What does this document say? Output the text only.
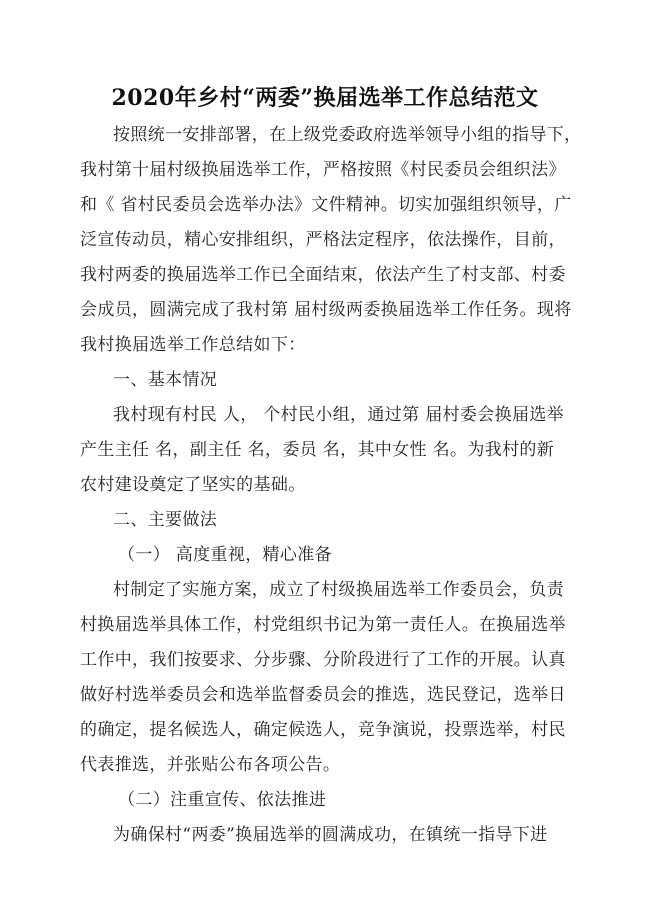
2020年乡村“两委”换届选举工作总结范文
按照统一安排部署，在上级党委政府选举领导小组的指导下，
我村第十届村级换届选举工作，严格按照《村民委员会组织法》
和《 省村民委员会选举办法》文件精神。切实加强组织领导，广
泛宣传动员，精心安排组织，严格法定程序，依法操作，目前，
我村两委的换届选举工作已全面结束，依法产生了村支部、村委
会成员，圆满完成了我村第 届村级两委换届选举工作任务。现将
我村换届选举工作总结如下：
一、基本情况
我村现有村民 人， 个村民小组，通过第 届村委会换届选举
产生主任 名，副主任 名，委员 名，其中女性 名。为我村的新
农村建设奠定了坚实的基础。
二、主要做法
（一） 高度重视，精心准备
村制定了实施方案，成立了村级换届选举工作委员会，负责
村换届选举具体工作，村党组织书记为第一责任人。在换届选举
工作中，我们按要求、分步骤、分阶段进行了工作的开展。认真
做好村选举委员会和选举监督委员会的推选，选民登记，选举日
的确定，提名候选人，确定候选人，竞争演说，投票选举，村民
代表推选，并张贴公布各项公告。
（二）注重宣传、依法推进
为确保村“两委”换届选举的圆满成功，在镇统一指导下进
